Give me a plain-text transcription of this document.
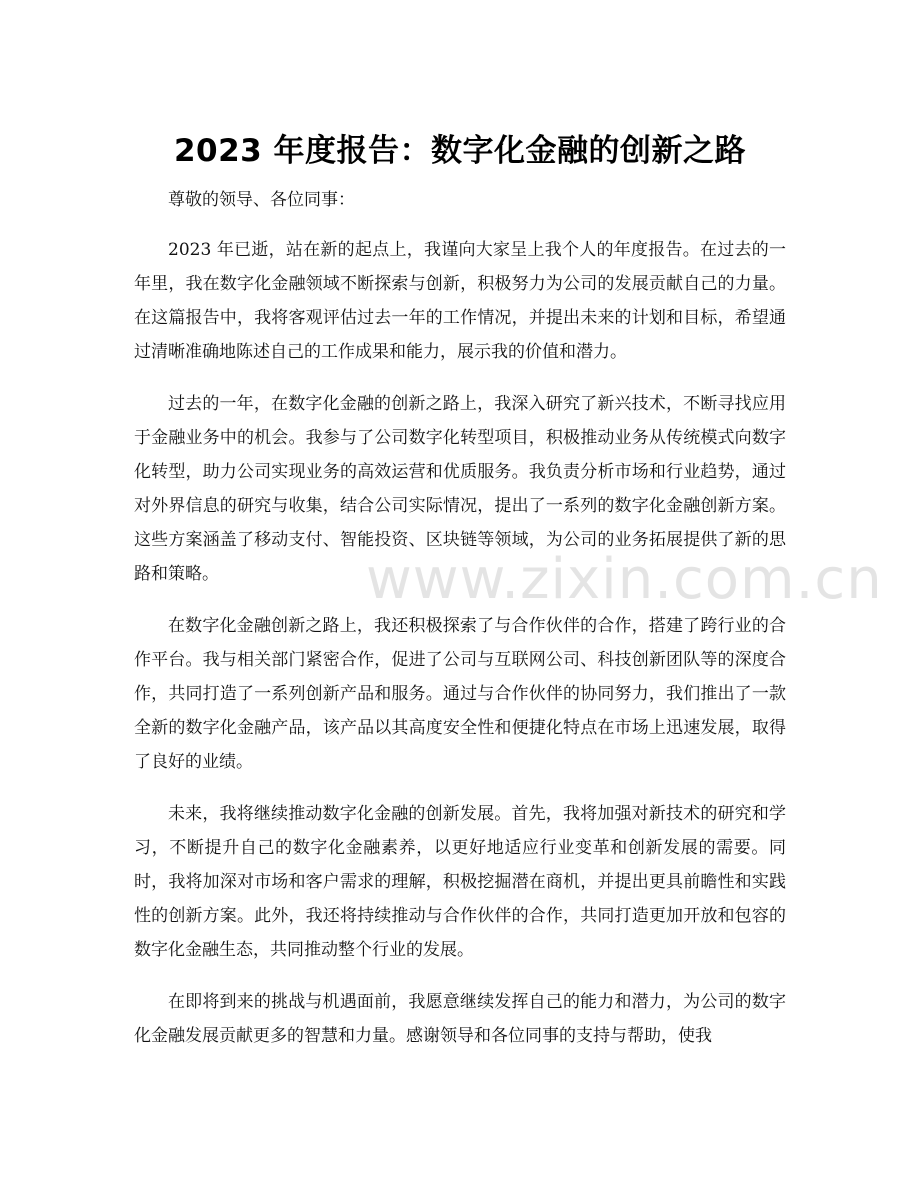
2023 年度报告：数字化金融的创新之路

尊敬的领导、各位同事：

2023 年已逝，站在新的起点上，我谨向大家呈上我个人的年度报告。在过去的一年里，我在数字化金融领域不断探索与创新，积极努力为公司的发展贡献自己的力量。在这篇报告中，我将客观评估过去一年的工作情况，并提出未来的计划和目标，希望通过清晰准确地陈述自己的工作成果和能力，展示我的价值和潜力。

过去的一年，在数字化金融的创新之路上，我深入研究了新兴技术，不断寻找应用于金融业务中的机会。我参与了公司数字化转型项目，积极推动业务从传统模式向数字化转型，助力公司实现业务的高效运营和优质服务。我负责分析市场和行业趋势，通过对外界信息的研究与收集，结合公司实际情况，提出了一系列的数字化金融创新方案。这些方案涵盖了移动支付、智能投资、区块链等领域，为公司的业务拓展提供了新的思路和策略。

在数字化金融创新之路上，我还积极探索了与合作伙伴的合作，搭建了跨行业的合作平台。我与相关部门紧密合作，促进了公司与互联网公司、科技创新团队等的深度合作，共同打造了一系列创新产品和服务。通过与合作伙伴的协同努力，我们推出了一款全新的数字化金融产品，该产品以其高度安全性和便捷化特点在市场上迅速发展，取得了良好的业绩。

未来，我将继续推动数字化金融的创新发展。首先，我将加强对新技术的研究和学习，不断提升自己的数字化金融素养，以更好地适应行业变革和创新发展的需要。同时，我将加深对市场和客户需求的理解，积极挖掘潜在商机，并提出更具前瞻性和实践性的创新方案。此外，我还将持续推动与合作伙伴的合作，共同打造更加开放和包容的数字化金融生态，共同推动整个行业的发展。

在即将到来的挑战与机遇面前，我愿意继续发挥自己的能力和潜力，为公司的数字化金融发展贡献更多的智慧和力量。感谢领导和各位同事的支持与帮助，使我

www.zixin.com.cn
